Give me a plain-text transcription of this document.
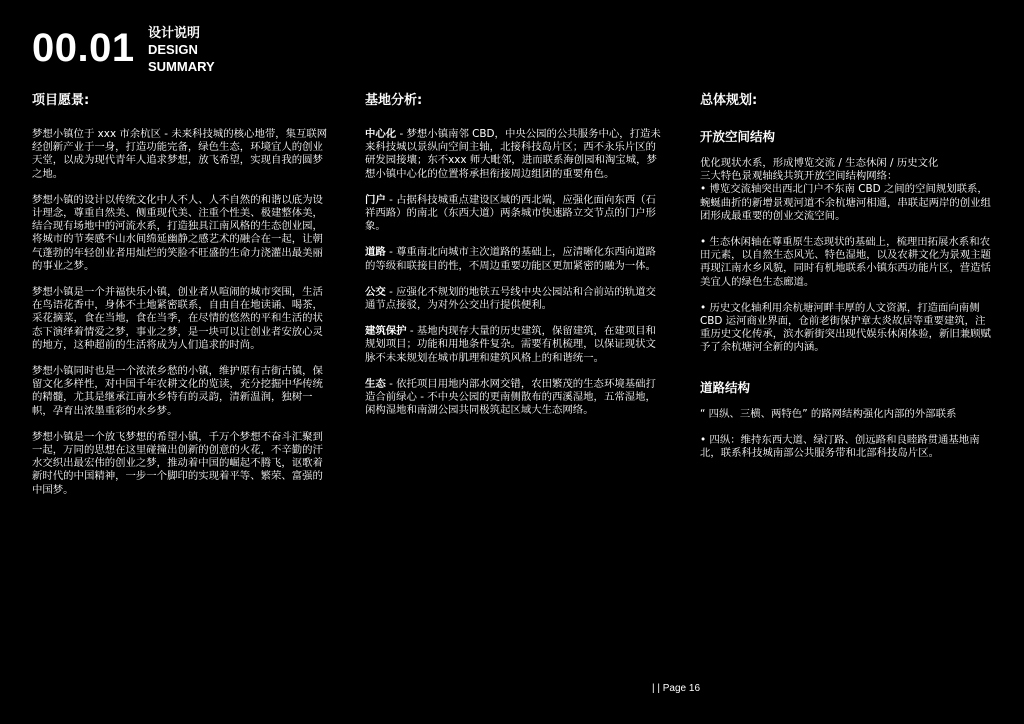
00.01 设计说明
DESIGN
SUMMARY
项目愿景:

梦想小镇位于 xxx 市余杭区 - 未来科技城的核心地带，集互联网经创新产业于一身，打造功能完备，绿色生态，环境宜人的创业天堂，以成为现代青年人追求梦想，放飞希望，实现自我的圆梦之地。

梦想小镇的设计以传统文化中人不人、人不自然的和谐以底为设计理念，尊重自然美、侧重现代美、注重个性美、极建整体美，结合现有场地中的河流水系，打造独具江南风格的生态创业园，将城市的节奏感不山水间绵延幽静之感艺术的融合在一起，让朝气蓬勃的年轻创业者用灿烂的笑脸不旺盛的生命力浇灌出最美丽的事业之梦。

梦想小镇是一个并福快乐小镇，创业者从喧闹的城市突围，生活在鸟语花香中，身体不土地紧密联系，自由自在地读诵、喝茶，采花摘菜，食在当地，食在当季，在尽情的悠然的平和生活的状态下演绎着情爱之梦，事业之梦，是一块可以让创业者安放心灵的地方，这种超前的生活将成为人们追求的时尚。

梦想小镇同时也是一个浓浓乡愁的小镇，维护原有古街古镇，保留文化多样性，对中国千年农耕文化的览读，充分挖掘中华传统的精髓，尤其是继承江南水乡特有的灵韵，清新温润，独树一帜，孕育出浓墨重彩的水乡梦。

梦想小镇是一个放飞梦想的希望小镇，千万个梦想不奋斗汇聚到一起，万同的思想在这里碰撞出创新的创意的火花，不辛勤的汗水交织出最宏伟的创业之梦，推动着中国的崛起不腾飞，讴歌着新时代的中国精神，一步一个脚印的实现着平等、繁荣、富强的中国梦。

基地分析:

中心化 - 梦想小镇南邻 CBD，中央公园的公共服务中心，打造未来科技城以景纵向空间主轴，北接科技岛片区；西不永乐片区的研发园接壤；东不xxx 师大毗邻，进而联系海创园和淘宝城，梦想小镇中心化的位置将承担衔接周边组团的重要角色。

门户 - 占据科技城重点建设区域的西北端，应强化面向东西（石祥西路）的南北（东西大道）两条城市快速路立交节点的门户形象。

道路 - 尊重南北向城市主次道路的基础上，应清晰化东西向道路的等级和联接目的性，不周边重要功能区更加紧密的融为一体。

公交 - 应强化不规划的地铁五号线中央公园站和合前站的轨道交通节点接驳，为对外公交出行提供便利。

建筑保护 - 基地内现存大量的历史建筑，保留建筑，在建项目和规划项目；功能和用地条件复杂。需要有机梳理，以保证现状文脉不未来规划在城市肌理和建筑风格上的和谐统一。

生态 - 依托项目用地内部水网交错，农田繁茂的生态环境基础打造合前绿心 - 不中央公园的更南侧散布的西溪湿地，五常湿地，闲构湿地和南湖公园共同极筑起区域大生态网络。

总体规划:
开放空间结构
优化现状水系，形成博览交流 / 生态休闲 / 历史文化
三大特色景观轴线共筑开放空间结构网络：
• 博览交流轴突出西北门户不东南 CBD 之间的空间规划联系，蜿蜒曲折的新增景观河道不余杭塘河相通，串联起两岸的创业组团形成最重要的创业交流空间。
• 生态休闲轴在尊重原生态现状的基础上，梳理田拓展水系和农田元素，以自然生态风光、特色湿地，以及农耕文化为景观主题再现江南水乡风貌，同时有机地联系小镇东西功能片区，营造恬美宜人的绿色生态廊道。
• 历史文化轴利用余杭塘河畔丰厚的人文资源，打造面向南侧 CBD 运河商业界面，仓前老街保护章太炎故居等重要建筑，注重历史文化传承，滨水新街突出现代娱乐休闲体验，新旧兼顾赋予了余杭塘河全新的内涵。
道路结构
“ 四纵、三横、两特色” 的路网结构强化内部的外部联系
• 四纵：维持东西大道、绿汀路、创远路和良睦路贯通基地南北，联系科技城南部公共服务带和北部科技岛片区。
| | Page 16
